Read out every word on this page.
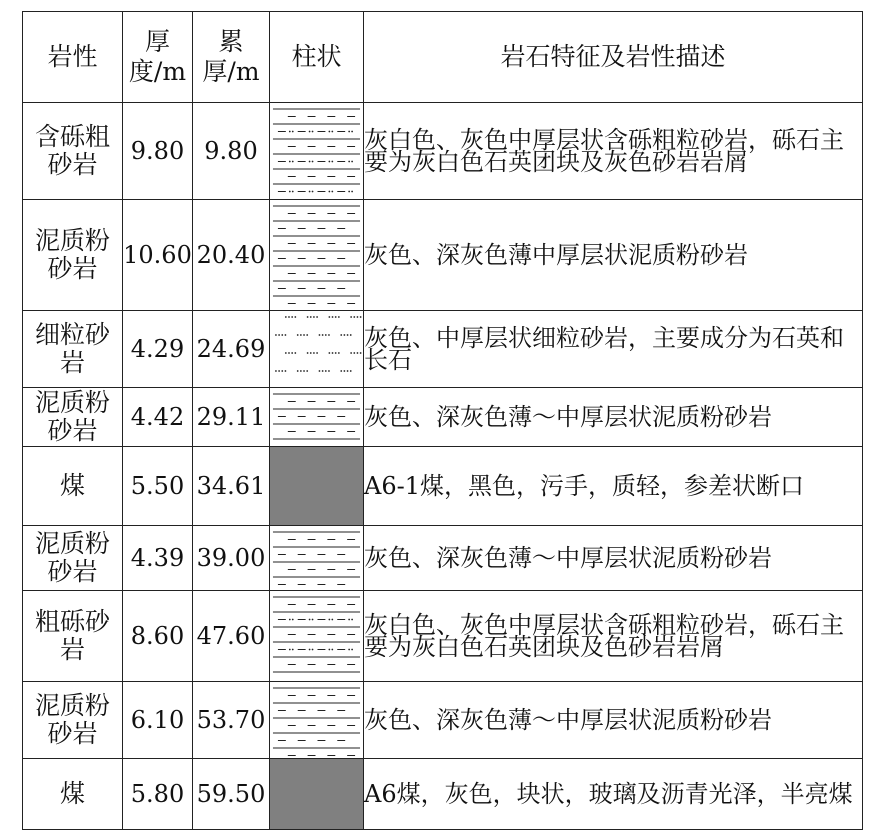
岩性	厚度/m	累厚/m	柱状	岩石特征及岩性描述
含砾粗砂岩	9.80	9.80		灰白色、灰色中厚层状含砾粗粒砂岩，砾石主要为灰白色石英团块及灰色砂岩岩屑
泥质粉砂岩	10.60	20.40		灰色、深灰色薄中厚层状泥质粉砂岩
细粒砂岩	4.29	24.69		灰色、中厚层状细粒砂岩，主要成分为石英和长石
泥质粉砂岩	4.42	29.11		灰色、深灰色薄～中厚层状泥质粉砂岩
煤	5.50	34.61		A6-1煤，黑色，污手，质轻，参差状断口
泥质粉砂岩	4.39	39.00		灰色、深灰色薄～中厚层状泥质粉砂岩
粗砾砂岩	8.60	47.60		灰白色、灰色中厚层状含砾粗粒砂岩，砾石主要为灰白色石英团块及色砂岩岩屑
泥质粉砂岩	6.10	53.70		灰色、深灰色薄～中厚层状泥质粉砂岩
煤	5.80	59.50		A6煤，灰色，块状，玻璃及沥青光泽，半亮煤
